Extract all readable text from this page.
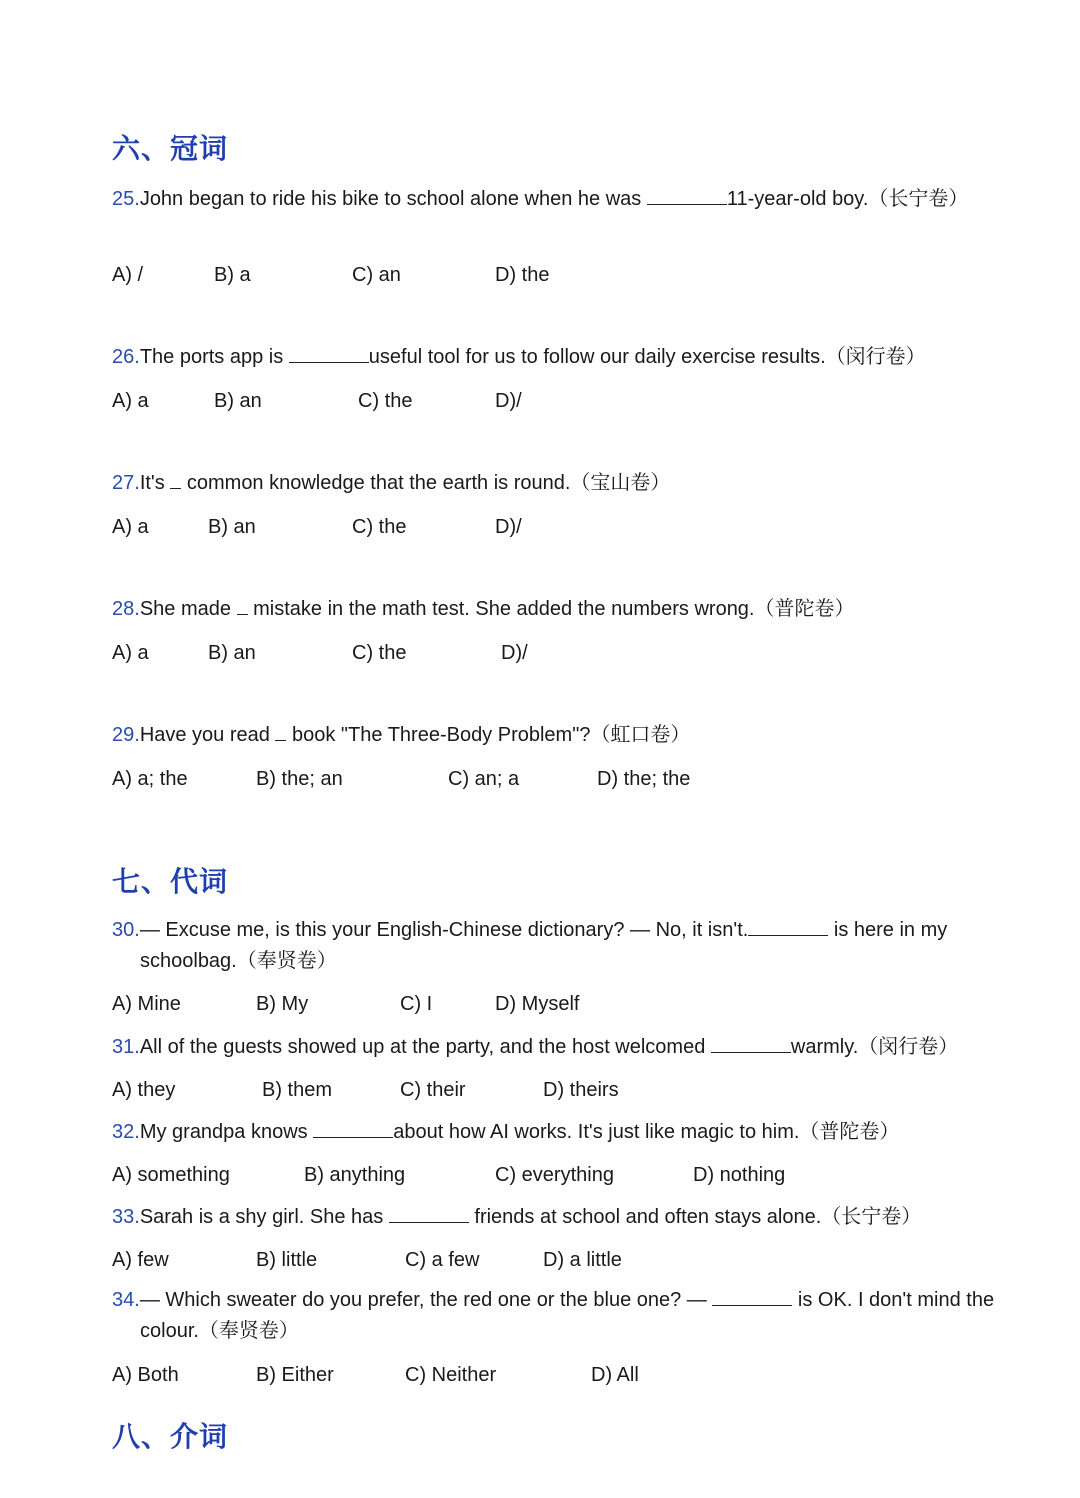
六、冠词

25.John began to ride his bike to school alone when he was	11-year-old boy.（长宁卷）

A) /	B) a	C) an	D) the

26.The ports app is	useful tool for us to follow our daily exercise results.（闵行卷）

A) a	B) an	C) the	D)/

27.It's  common knowledge that the earth is round.（宝山卷）

A) a	B) an	C) the	D)/

28.She made  mistake in the math test. She added the numbers wrong.（普陀卷）

A) a	B) an	C) the	D)/

29.Have you read  book "The Three-Body Problem"?（虹口卷）

A) a; the	B) the; an	C) an; a	D) the; the
七、代词

30.— Excuse me, is this your English-Chinese dictionary? — No, it isn't.	is here in my schoolbag.（奉贤卷）

A) Mine	B) My	C) I	D) Myself

31.All of the guests showed up at the party, and the host welcomed	warmly.（闵行卷）

A) they	B) them	C) their	D) theirs

32.My grandpa knows	about how AI works. It's just like magic to him.（普陀卷）

A) something	B) anything	C) everything	D) nothing

33.Sarah is a shy girl. She has	friends at school and often stays alone.（长宁卷）

A) few	B) little	C) a few	D) a little

34.— Which sweater do you prefer, the red one or the blue one? —	is OK. I don't mind the colour.（奉贤卷）

A) Both	B) Either	C) Neither	D) All
八、介词
